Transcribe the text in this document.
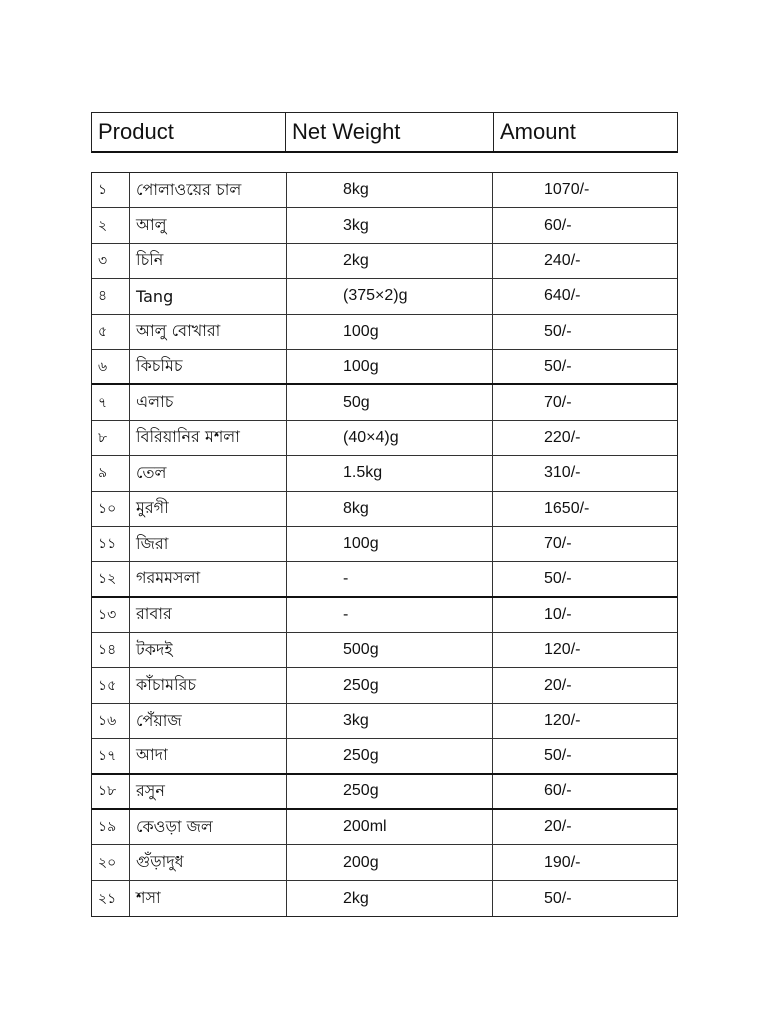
Product	Net Weight	Amount
১	পোলাওয়ের চাল	8kg	1070/-
২	আলু	3kg	60/-
৩	চিনি	2kg	240/-
৪	Tang	(375×2)g	640/-
৫	আলু বোখারা	100g	50/-
৬	কিচমিচ	100g	50/-
৭	এলাচ	50g	70/-
৮	বিরিয়ানির মশলা	(40×4)g	220/-
৯	তেল	1.5kg	310/-
১০	মুরগী	8kg	1650/-
১১	জিরা	100g	70/-
১২	গরমমসলা	-	50/-
১৩	রাবার	-	10/-
১৪	টকদই	500g	120/-
১৫	কাঁচামরিচ	250g	20/-
১৬	পেঁয়াজ	3kg	120/-
১৭	আদা	250g	50/-
১৮	রসুন	250g	60/-
১৯	কেওড়া জল	200ml	20/-
২০	গুঁড়াদুধ	200g	190/-
২১	শসা	2kg	50/-
